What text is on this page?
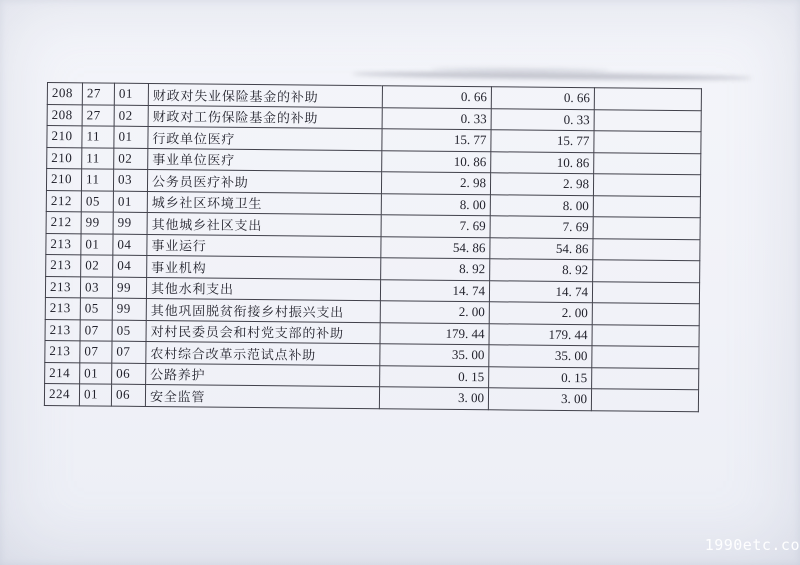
208	27	01	财政对失业保险基金的补助	0. 66	0. 66	
208	27	02	财政对工伤保险基金的补助	0. 33	0. 33	
210	11	01	行政单位医疗	15. 77	15. 77	
210	11	02	事业单位医疗	10. 86	10. 86	
210	11	03	公务员医疗补助	2. 98	2. 98	
212	05	01	城乡社区环境卫生	8. 00	8. 00	
212	99	99	其他城乡社区支出	7. 69	7. 69	
213	01	04	事业运行	54. 86	54. 86	
213	02	04	事业机构	8. 92	8. 92	
213	03	99	其他水利支出	14. 74	14. 74	
213	05	99	其他巩固脱贫衔接乡村振兴支出	2. 00	2. 00	
213	07	05	对村民委员会和村党支部的补助	179. 44	179. 44	
213	07	07	农村综合改革示范试点补助	35. 00	35. 00	
214	01	06	公路养护	0. 15	0. 15	
224	01	06	安全监管	3. 00	3. 00	
1990etc.co
